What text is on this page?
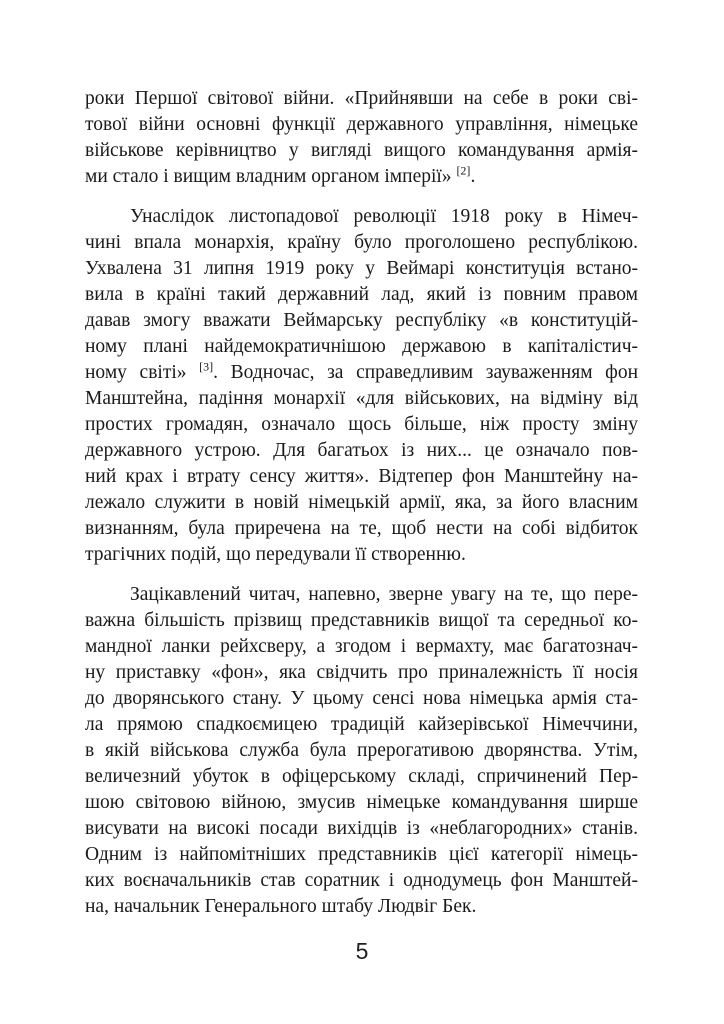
роки Першої світової війни. «Прийнявши на себе в роки сві-
тової війни основні функції державного управління, німецьке
військове керівництво у вигляді вищого командування армія-
ми стало і вищим владним органом імперії» [2].
Унаслідок листопадової революції 1918 року в Німеч-
чині впала монархія, країну було проголошено республікою.
Ухвалена 31 липня 1919 року у Веймарі конституція встано-
вила в країні такий державний лад, який із повним правом
давав змогу вважати Веймарську республіку «в конституцій-
ному плані найдемократичнішою державою в капіталістич-
ному світі» [3]. Водночас, за справедливим зауваженням фон
Манштейна, падіння монархії «для військових, на відміну від
простих громадян, означало щось більше, ніж просту зміну
державного устрою. Для багатьох із них... це означало пов-
ний крах і втрату сенсу життя». Відтепер фон Манштейну на-
лежало служити в новій німецькій армії, яка, за його власним
визнанням, була приречена на те, щоб нести на собі відбиток
трагічних подій, що передували її створенню.
Зацікавлений читач, напевно, зверне увагу на те, що пере-
важна більшість прізвищ представників вищої та середньої ко-
мандної ланки рейхсверу, а згодом і вермахту, має багатознач-
ну приставку «фон», яка свідчить про приналежність її носія
до дворянського стану. У цьому сенсі нова німецька армія ста-
ла прямою спадкоємицею традицій кайзерівської Німеччини,
в якій військова служба була прерогативою дворянства. Утім,
величезний убуток в офіцерському складі, спричинений Пер-
шою світовою війною, змусив німецьке командування ширше
висувати на високі посади вихідців із «неблагородних» станів.
Одним із найпомітніших представників цієї категорії німець-
ких воєначальників став соратник і однодумець фон Манштей-
на, начальник Генерального штабу Людвіг Бек.
5
